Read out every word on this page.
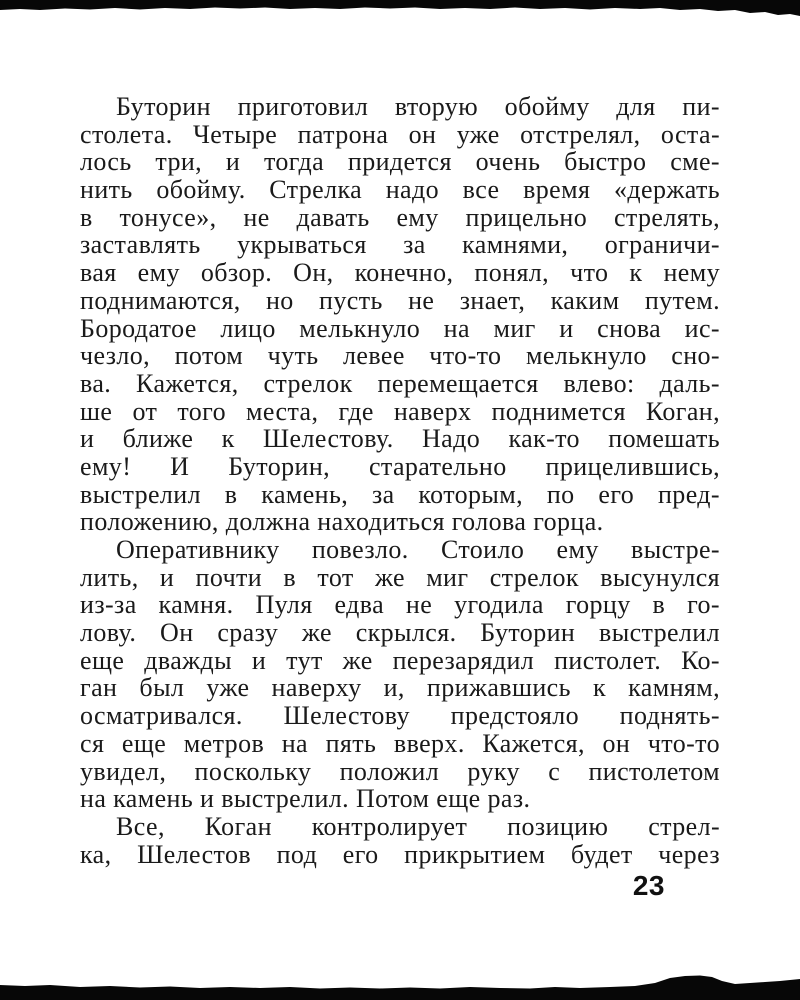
Буторин приготовил вторую обойму для пи-
столета. Четыре патрона он уже отстрелял, оста-
лось три, и тогда придется очень быстро сме-
нить обойму. Стрелка надо все время «держать
в тонусе», не давать ему прицельно стрелять,
заставлять укрываться за камнями, ограничи-
вая ему обзор. Он, конечно, понял, что к нему
поднимаются, но пусть не знает, каким путем.
Бородатое лицо мелькнуло на миг и снова ис-
чезло, потом чуть левее что-то мелькнуло сно-
ва. Кажется, стрелок перемещается влево: даль-
ше от того места, где наверх поднимется Коган,
и ближе к Шелестову. Надо как-то помешать
ему! И Буторин, старательно прицелившись,
выстрелил в камень, за которым, по его пред-
положению, должна находиться голова горца.
Оперативнику повезло. Стоило ему выстре-
лить, и почти в тот же миг стрелок высунулся
из-за камня. Пуля едва не угодила горцу в го-
лову. Он сразу же скрылся. Буторин выстрелил
еще дважды и тут же перезарядил пистолет. Ко-
ган был уже наверху и, прижавшись к камням,
осматривался. Шелестову предстояло поднять-
ся еще метров на пять вверх. Кажется, он что-то
увидел, поскольку положил руку с пистолетом
на камень и выстрелил. Потом еще раз.
Все, Коган контролирует позицию стрел-
ка, Шелестов под его прикрытием будет через
23
